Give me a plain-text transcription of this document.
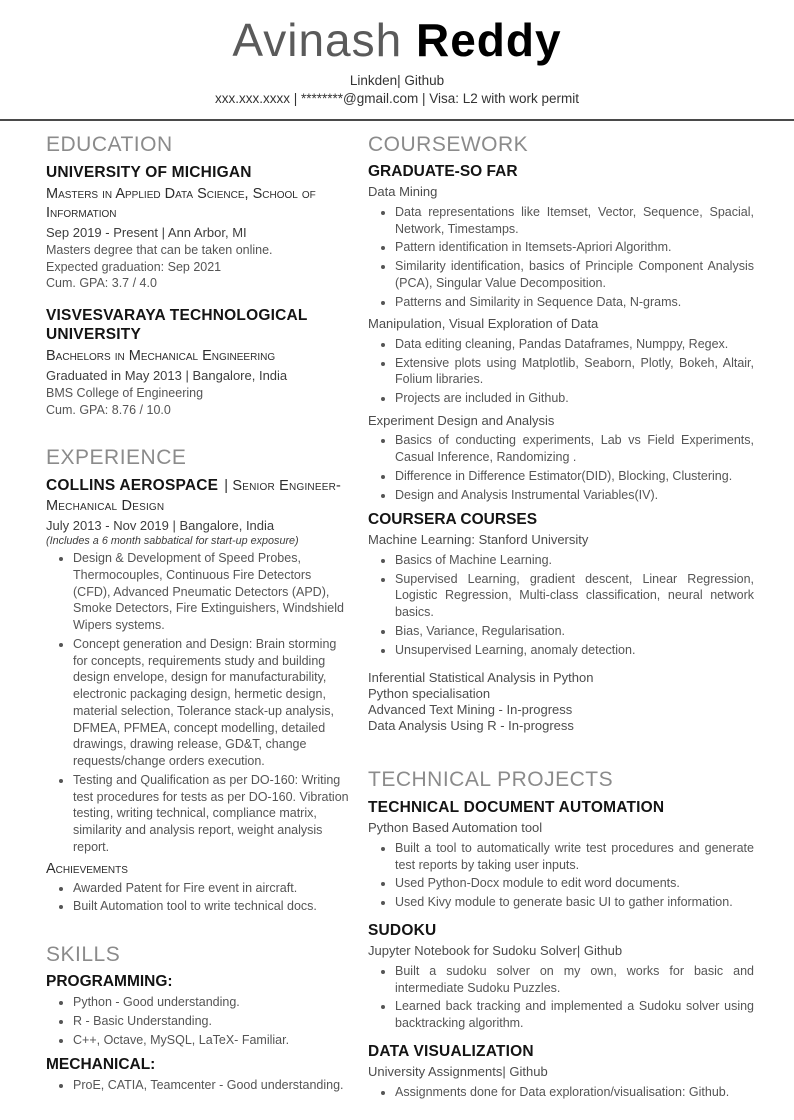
Avinash Reddy
Linkden| Github
xxx.xxx.xxxx | ********@gmail.com | Visa: L2 with work permit
EDUCATION
UNIVERSITY OF MICHIGAN
Masters in Applied Data Science, School of Information
Sep 2019 - Present | Ann Arbor, MI
Masters degree that can be taken online.
Expected graduation: Sep 2021
Cum. GPA: 3.7 / 4.0
VISVESVARAYA TECHNOLOGICAL UNIVERSITY
Bachelors in Mechanical Engineering
Graduated in May 2013 | Bangalore, India
BMS College of Engineering
Cum. GPA: 8.76 / 10.0
EXPERIENCE
COLLINS AEROSPACE | Senior Engineer-Mechanical Design
July 2013 - Nov 2019 | Bangalore, India
(Includes a 6 month sabbatical for start-up exposure)
• Design & Development of Speed Probes, Thermocouples, Continuous Fire Detectors (CFD), Advanced Pneumatic Detectors (APD), Smoke Detectors, Fire Extinguishers, Windshield Wipers systems.
• Concept generation and Design: Brain storming for concepts, requirements study and building design envelope, design for manufacturability, electronic packaging design, hermetic design, material selection, Tolerance stack-up analysis, DFMEA, PFMEA, concept modelling, detailed drawings, drawing release, GD&T, change requests/change orders execution.
• Testing and Qualification as per DO-160: Writing test procedures for tests as per DO-160. Vibration testing, writing technical, compliance matrix, similarity and analysis report, weight analysis report.
Achievements
• Awarded Patent for Fire event in aircraft.
• Built Automation tool to write technical docs.
SKILLS
PROGRAMMING:
• Python - Good understanding.
• R - Basic Understanding.
• C++, Octave, MySQL, LaTeX- Familiar.
MECHANICAL:
• ProE, CATIA, Teamcenter - Good understanding.
COURSEWORK
GRADUATE-SO FAR
Data Mining
• Data representations like Itemset, Vector, Sequence, Spacial, Network, Timestamps.
• Pattern identification in Itemsets-Apriori Algorithm.
• Similarity identification, basics of Principle Component Analysis (PCA), Singular Value Decomposition.
• Patterns and Similarity in Sequence Data, N-grams.
Manipulation, Visual Exploration of Data
• Data editing cleaning, Pandas Dataframes, Numppy, Regex.
• Extensive plots using Matplotlib, Seaborn, Plotly, Bokeh, Altair, Folium libraries.
• Projects are included in Github.
Experiment Design and Analysis
• Basics of conducting experiments, Lab vs Field Experiments, Casual Inference, Randomizing .
• Difference in Difference Estimator(DID), Blocking, Clustering.
• Design and Analysis Instrumental Variables(IV).
COURSERA COURSES
Machine Learning: Stanford University
• Basics of Machine Learning.
• Supervised Learning, gradient descent, Linear Regression, Logistic Regression, Multi-class classification, neural network basics.
• Bias, Variance, Regularisation.
• Unsupervised Learning, anomaly detection.
Inferential Statistical Analysis in Python
Python specialisation
Advanced Text Mining - In-progress
Data Analysis Using R - In-progress
TECHNICAL PROJECTS
TECHNICAL DOCUMENT AUTOMATION
Python Based Automation tool
• Built a tool to automatically write test procedures and generate test reports by taking user inputs.
• Used Python-Docx module to edit word documents.
• Used Kivy module to generate basic UI to gather information.
SUDOKU
Jupyter Notebook for Sudoku Solver| Github
• Built a sudoku solver on my own, works for basic and intermediate Sudoku Puzzles.
• Learned back tracking and implemented a Sudoku solver using backtracking algorithm.
DATA VISUALIZATION
University Assignments| Github
• Assignments done for Data exploration/visualisation: Github.
